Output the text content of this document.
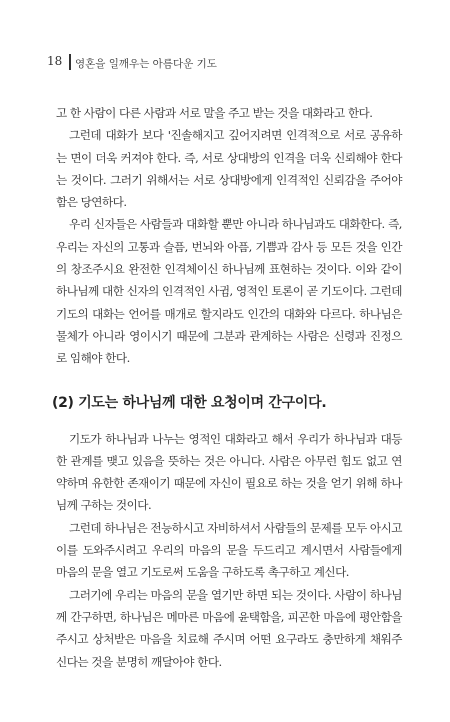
18 영혼을 일깨우는 아름다운 기도

고 한 사람이 다른 사람과 서로 말을 주고 받는 것을 대화라고 한다.

그런데 대화가 보다 '진솔해지고 깊어지려면 인격적으로 서로 공유하는 면이 더욱 커져야 한다. 즉, 서로 상대방의 인격을 더욱 신뢰해야 한다는 것이다. 그러기 위해서는 서로 상대방에게 인격적인 신뢰감을 주어야 함은 당연하다.

우리 신자들은 사람들과 대화할 뿐만 아니라 하나님과도 대화한다. 즉, 우리는 자신의 고통과 슬픔, 번뇌와 아픔, 기쁨과 감사 등 모든 것을 인간의 창조주시요 완전한 인격체이신 하나님께 표현하는 것이다. 이와 같이 하나님께 대한 신자의 인격적인 사귐, 영적인 토론이 곧 기도이다. 그런데 기도의 대화는 언어를 매개로 할지라도 인간의 대화와 다르다. 하나님은 물체가 아니라 영이시기 때문에 그분과 관계하는 사람은 신령과 진정으로 임해야 한다.

(2) 기도는 하나님께 대한 요청이며 간구이다.

기도가 하나님과 나누는 영적인 대화라고 해서 우리가 하나님과 대등한 관계를 맺고 있음을 뜻하는 것은 아니다. 사람은 아무런 힘도 없고 연약하며 유한한 존재이기 때문에 자신이 필요로 하는 것을 얻기 위해 하나님께 구하는 것이다.

그런데 하나님은 전능하시고 자비하셔서 사람들의 문제를 모두 아시고 이를 도와주시려고 우리의 마음의 문을 두드리고 계시면서 사람들에게 마음의 문을 열고 기도로써 도움을 구하도록 촉구하고 계신다.

그러기에 우리는 마음의 문을 열기만 하면 되는 것이다. 사람이 하나님께 간구하면, 하나님은 메마른 마음에 윤택함을, 피곤한 마음에 평안함을 주시고 상처받은 마음을 치료해 주시며 어떤 요구라도 충만하게 채워주신다는 것을 분명히 깨달아야 한다.
